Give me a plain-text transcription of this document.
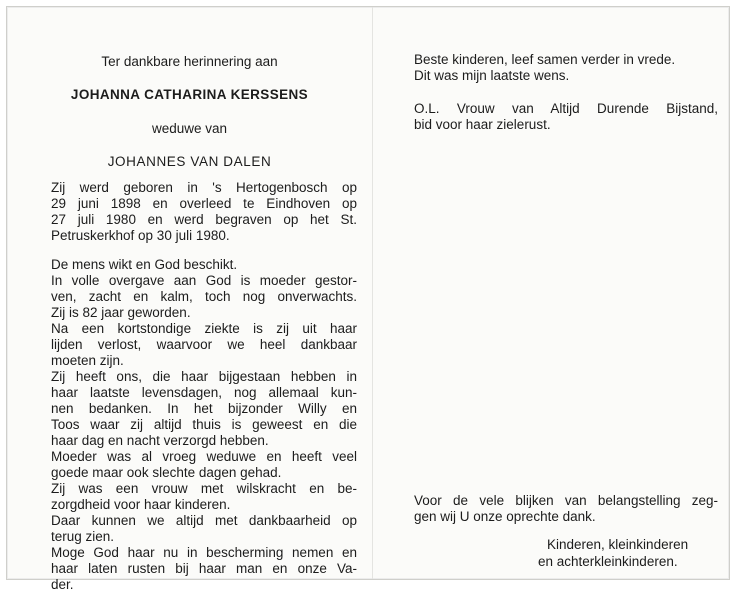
Ter dankbare herinnering aan
JOHANNA CATHARINA KERSSENS
weduwe van
JOHANNES VAN DALEN
Zij werd geboren in 's Hertogenbosch op
29 juni 1898 en overleed te Eindhoven op
27 juli 1980 en werd begraven op het St.
Petruskerkhof op 30 juli 1980.
De mens wikt en God beschikt.
In volle overgave aan God is moeder gestor-
ven, zacht en kalm, toch nog onverwachts.
Zij is 82 jaar geworden.
Na een kortstondige ziekte is zij uit haar
lijden verlost, waarvoor we heel dankbaar
moeten zijn.
Zij heeft ons, die haar bijgestaan hebben in
haar laatste levensdagen, nog allemaal kun-
nen bedanken. In het bijzonder Willy en
Toos waar zij altijd thuis is geweest en die
haar dag en nacht verzorgd hebben.
Moeder was al vroeg weduwe en heeft veel
goede maar ook slechte dagen gehad.
Zij was een vrouw met wilskracht en be-
zorgdheid voor haar kinderen.
Daar kunnen we altijd met dankbaarheid op
terug zien.
Moge God haar nu in bescherming nemen en
haar laten rusten bij haar man en onze Va-
der.
Beste kinderen, leef samen verder in vrede.
Dit was mijn laatste wens.
O.L. Vrouw van Altijd Durende Bijstand,
bid voor haar zielerust.
Voor de vele blijken van belangstelling zeg-
gen wij U onze oprechte dank.
Kinderen, kleinkinderen
en achterkleinkinderen.
